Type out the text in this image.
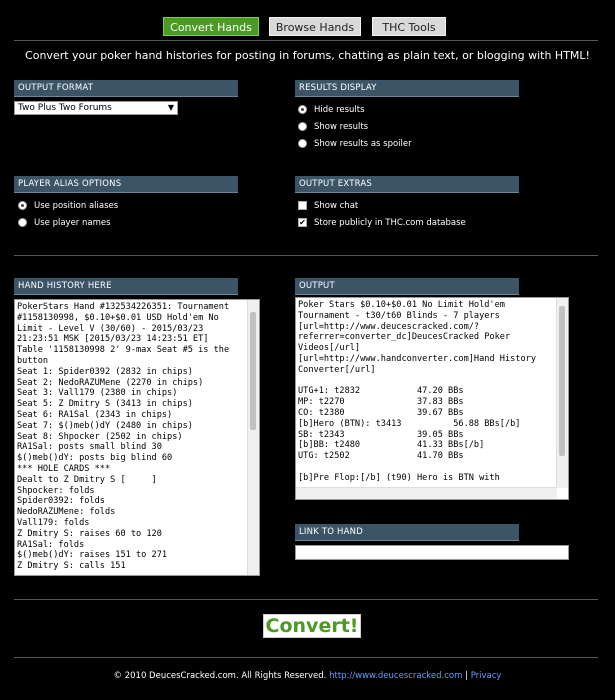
Convert Hands	Browse Hands	THC Tools
Convert your poker hand histories for posting in forums, chatting as plain text, or blogging with HTML!
OUTPUT FORMAT
Two Plus Two Forums	▼
RESULTS DISPLAY
Hide results
Show results
Show results as spoiler
PLAYER ALIAS OPTIONS
Use position aliases
Use player names
OUTPUT EXTRAS
Show chat
✔ Store publicly in THC.com database
HAND HISTORY HERE
PokerStars Hand #132534226351: Tournament #1158130998, $0.10+$0.01 USD Hold'em No Limit - Level V (30/60) - 2015/03/23 21:23:51 MSK [2015/03/23 14:23:51 ET]
Table '1158130998 2' 9-max Seat #5 is the button
Seat 1: Spider0392 (2832 in chips)
Seat 2: NedoRAZUMene (2270 in chips)
Seat 3: Vall179 (2380 in chips)
Seat 5: Z Dmitry S (3413 in chips)
Seat 6: RA1Sal (2343 in chips)
Seat 7: $()meb()dY (2480 in chips)
Seat 8: Shpocker (2502 in chips)
RA1Sal: posts small blind 30
$()meb()dY: posts big blind 60
*** HOLE CARDS ***
Dealt to Z Dmitry S [     ]
Shpocker: folds
Spider0392: folds
NedoRAZUMene: folds
Vall179: folds
Z Dmitry S: raises 60 to 120
RA1Sal: folds
$()meb()dY: raises 151 to 271
Z Dmitry S: calls 151
OUTPUT
Poker Stars $0.10+$0.01 No Limit Hold'em Tournament - t30/t60 Blinds - 7 players
[url=http://www.deucescracked.com/?referrer=converter_dc]DeucesCracked Poker Videos[/url]
[url=http://www.handconverter.com]Hand History Converter[/url]

UTG+1: t2832           47.20 BBs
MP: t2270              37.83 BBs
CO: t2380              39.67 BBs
[b]Hero (BTN): t3413          56.88 BBs[/b]
SB: t2343              39.05 BBs
[b]BB: t2480           41.33 BBs[/b]
UTG: t2502             41.70 BBs

[b]Pre Flop:[/b] (t90) Hero is BTN with

LINK TO HAND
Convert!
© 2010 DeucesCracked.com. All Rights Reserved. http://www.deucescracked.com | Privacy
